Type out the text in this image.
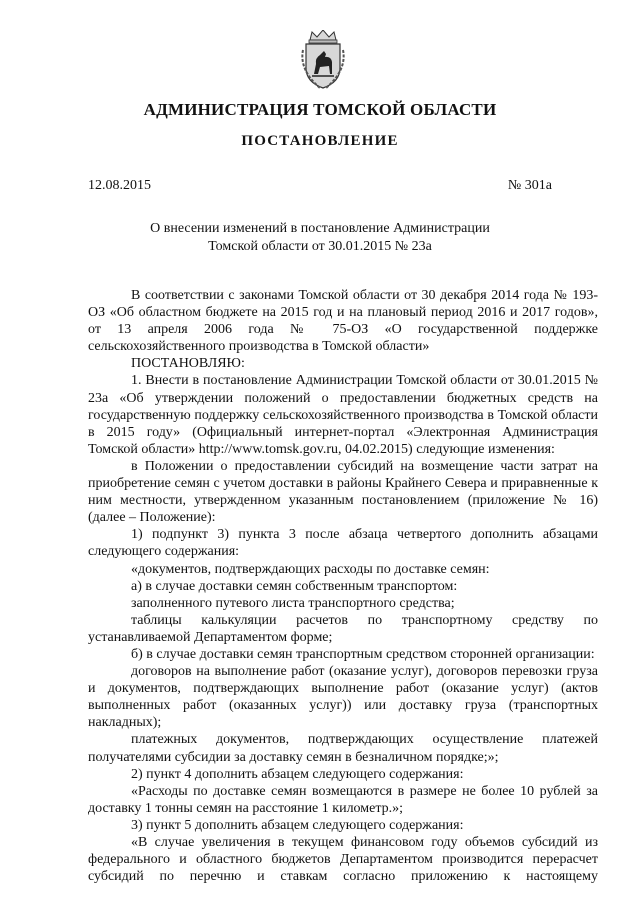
АДМИНИСТРАЦИЯ ТОМСКОЙ ОБЛАСТИ
ПОСТАНОВЛЕНИЕ
12.08.2015	№ 301а
О внесении изменений в постановление Администрации
Томской области от 30.01.2015 № 23а

В соответствии с законами Томской области от 30 декабря 2014 года № 193-ОЗ «Об областном бюджете на 2015 год и на плановый период 2016 и 2017 годов», от 13 апреля 2006 года № 75-ОЗ «О государственной поддержке сельскохозяйственного производства в Томской области»

ПОСТАНОВЛЯЮ:

1. Внести в постановление Администрации Томской области от 30.01.2015 № 23а «Об утверждении положений о предоставлении бюджетных средств на государственную поддержку сельскохозяйственного производства в Томской области в 2015 году» (Официальный интернет-портал «Электронная Администрация Томской области» http://www.tomsk.gov.ru, 04.02.2015) следующие изменения:

в Положении о предоставлении субсидий на возмещение части затрат на приобретение семян с учетом доставки в районы Крайнего Севера и приравненные к ним местности, утвержденном указанным постановлением (приложение № 16) (далее – Положение):

1) подпункт 3) пункта 3 после абзаца четвертого дополнить абзацами следующего содержания:

«документов, подтверждающих расходы по доставке семян:

а) в случае доставки семян собственным транспортом:

заполненного путевого листа транспортного средства;

таблицы калькуляции расчетов по транспортному средству по устанавливаемой Департаментом форме;

б) в случае доставки семян транспортным средством сторонней организации:

договоров на выполнение работ (оказание услуг), договоров перевозки груза и документов, подтверждающих выполнение работ (оказание услуг) (актов выполненных работ (оказанных услуг)) или доставку груза (транспортных накладных);

платежных документов, подтверждающих осуществление платежей получателями субсидии за доставку семян в безналичном порядке;»;

2) пункт 4 дополнить абзацем следующего содержания:

«Расходы по доставке семян возмещаются в размере не более 10 рублей за доставку 1 тонны семян на расстояние 1 километр.»;

3) пункт 5 дополнить абзацем следующего содержания:

«В случае увеличения в текущем финансовом году объемов субсидий из федерального и областного бюджетов Департаментом производится перерасчет субсидий по перечню и ставкам согласно приложению к настоящему
